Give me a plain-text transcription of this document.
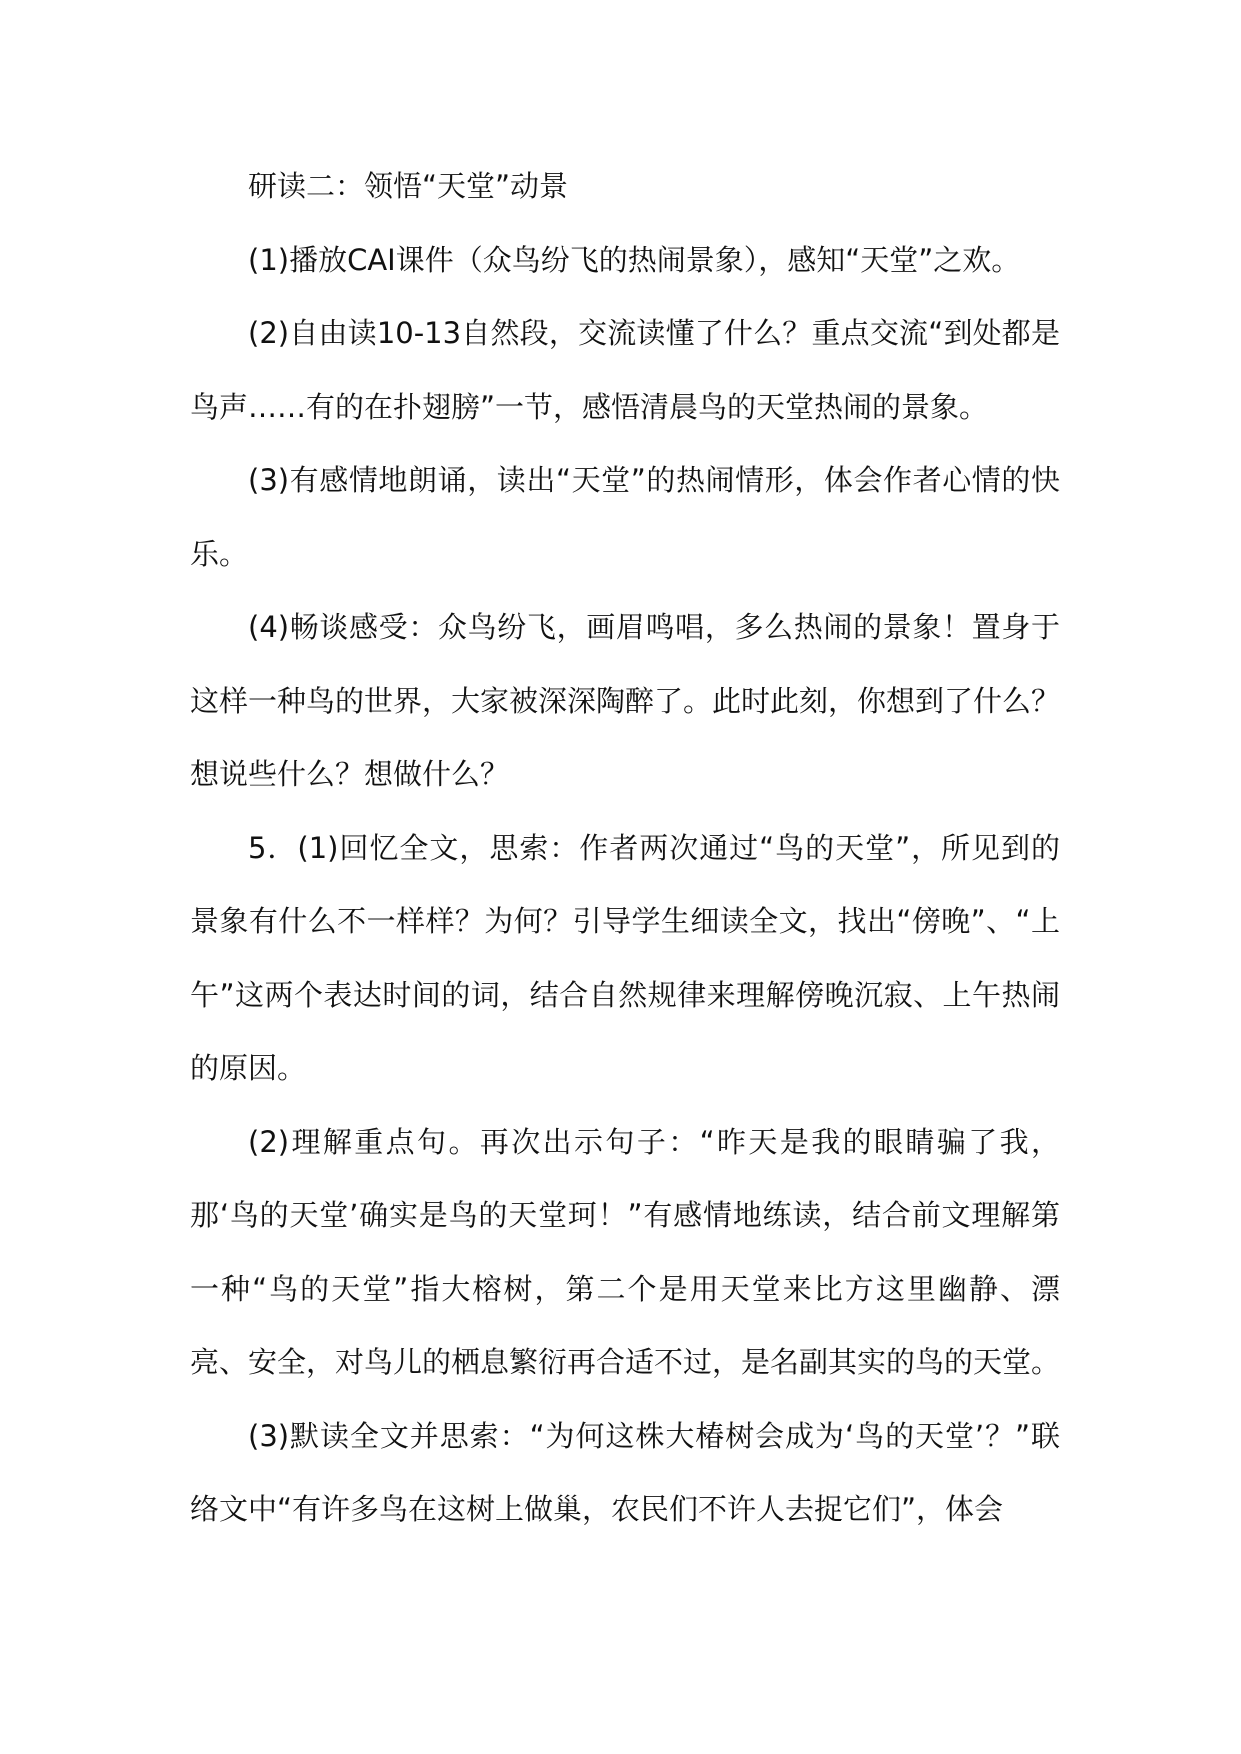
研读二：领悟“天堂”动景

(1)播放CAI课件（众鸟纷飞的热闹景象），感知“天堂”之欢。

(2)自由读10-13自然段，交流读懂了什么？重点交流“到处都是鸟声……有的在扑翅膀”一节，感悟清晨鸟的天堂热闹的景象。

(3)有感情地朗诵，读出“天堂”的热闹情形，体会作者心情的快乐。

(4)畅谈感受：众鸟纷飞，画眉鸣唱，多么热闹的景象！置身于这样一种鸟的世界，大家被深深陶醉了。此时此刻，你想到了什么？想说些什么？想做什么？

5．(1)回忆全文，思索：作者两次通过“鸟的天堂”，所见到的景象有什么不一样样？为何？引导学生细读全文，找出“傍晚”、“上午”这两个表达时间的词，结合自然规律来理解傍晚沉寂、上午热闹的原因。

(2)理解重点句。再次出示句子：“昨天是我的眼睛骗了我，那‘鸟的天堂’确实是鸟的天堂珂！”有感情地练读，结合前文理解第一种“鸟的天堂”指大榕树，第二个是用天堂来比方这里幽静、漂亮、安全，对鸟儿的栖息繁衍再合适不过，是名副其实的鸟的天堂。

(3)默读全文并思索：“为何这株大椿树会成为‘鸟的天堂’？”联络文中“有许多鸟在这树上做巢，农民们不许人去捉它们”，体会
